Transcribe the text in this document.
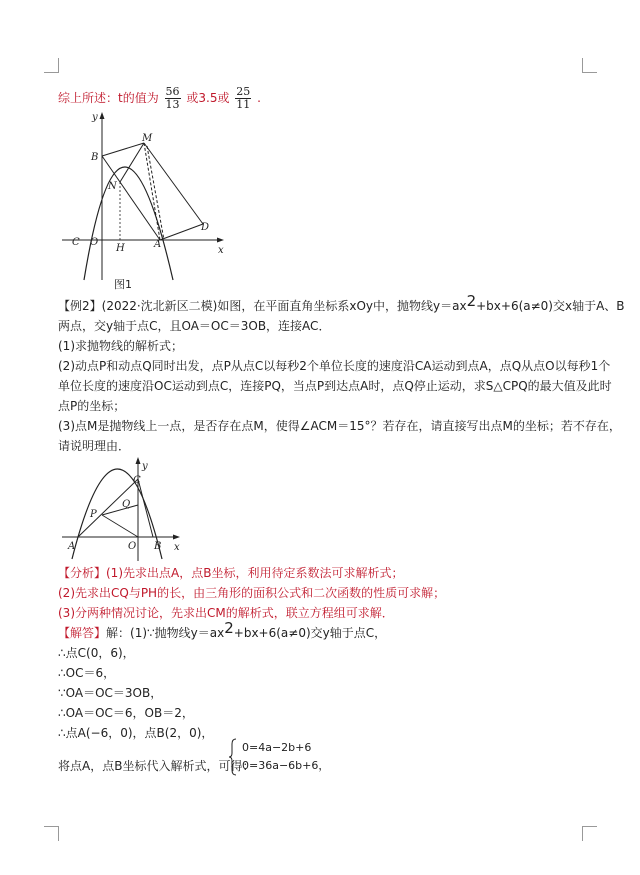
综上所述：t的值为 $\frac{56}{13}$ 或3.5或 $\frac{25}{11}$ .
y
x
B
M
N
C O
H	A
D
图1
【例2】(2022·沈北新区二模)如图，在平面直角坐标系xOy中，抛物线$y=ax^2+bx+6(a\ne 0)$交x轴于A、B
两点，交y轴于点C，且OA＝OC＝3OB，连接AC．
(1)求抛物线的解析式；
(2)动点P和动点Q同时出发，点P从点C以每秒2个单位长度的速度沿CA运动到点A，点Q从点O以每秒1个
单位长度的速度沿OC运动到点C，连接PQ，当点P到达点A时，点Q停止运动，求S△CPQ的最大值及此时
点P的坐标；
(3)点M是抛物线上一点，是否存在点M，使得∠ACM＝15°？若存在，请直接写出点M的坐标；若不存在，
请说明理由．
y
C
Q
P
A	O B x
【分析】(1)先求出点A，点B坐标，利用待定系数法可求解析式；
(2)先求出CQ与PH的长，由三角形的面积公式和二次函数的性质可求解；
(3)分两种情况讨论，先求出CM的解析式，联立方程组可求解．
【解答】解：(1)∵抛物线$y=ax^2+bx+6(a\ne 0)$交y轴于点C，
∴点C(0，6)，
∴OC＝6，
∵OA＝OC＝3OB，
∴OA＝OC＝6，OB＝2，
∴点A(−6，0)，点B(2，0)，
将点A，点B坐标代入解析式，可得：
0=4a−2b+6
0=36a−6b+6，
